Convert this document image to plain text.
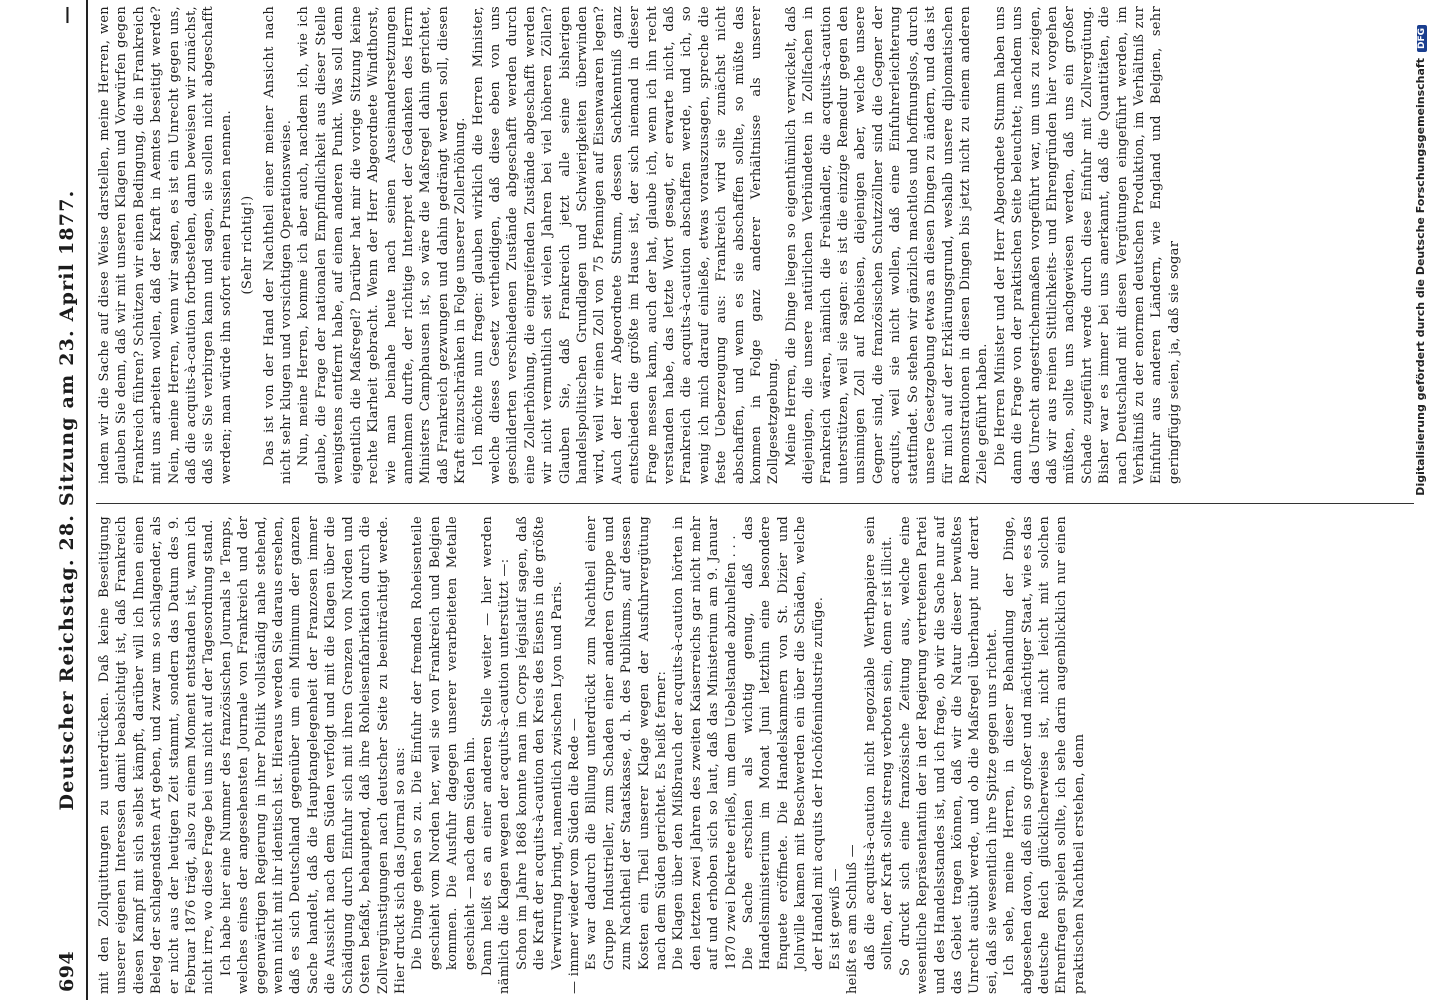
694
Deutscher Reichstag. 28. Sitzung am 23. April 1877.
—

mit den Zollquittungen zu unterdrücken. Daß keine Beseitigung unserer eigenen Interessen damit beabsichtigt ist, daß Frankreich diesen Kampf mit sich selbst kämpft, darüber will ich Ihnen einen Beleg der schlagendsten Art geben, und zwar um so schlagender, als er nicht aus der heutigen Zeit stammt, sondern das Datum des 9. Februar 1876 trägt, also zu einem Moment entstanden ist, wann ich nicht irre, wo diese Frage bei uns nicht auf der Tagesordnung stand. Ich habe hier eine Nummer des französischen Journals le Temps, welches eines der angesehensten Journale von Frankreich und der gegenwärtigen Regierung in ihrer Politik vollständig nahe stehend, wenn nicht mit ihr identisch ist. Hieraus werden Sie daraus ersehen, daß es sich Deutschland gegenüber um ein Minimum der ganzen Sache handelt, daß die Hauptangelegenheit der Franzosen immer die Aussicht nach dem Süden verfolgt und mit die Klagen über die Schädigung durch Einfuhr sich mit ihren Grenzen von Norden und Osten befaßt, behauptend, daß ihre Rohleisenfabrikation durch die Zollvergünstigungen nach deutscher Seite zu beeinträchtigt werde. Hier druckt sich das Journal so aus: Die Dinge gehen so zu. Die Einfuhr der fremden Roheisenteile geschieht vom Norden her, weil sie von Frankreich und Belgien kommen. Die Ausfuhr dagegen unserer verarbeiteten Metalle geschieht — nach dem Süden hin. Dann heißt es an einer anderen Stelle weiter — hier werden nämlich die Klagen wegen der acquits-à-caution unterstützt —: Schon im Jahre 1868 konnte man im Corps législatif sagen, daß die Kraft der acquits-à-caution den Kreis des Eisens in die größte Verwirrung bringt, namentlich zwischen Lyon und Paris. — immer wieder vom Süden die Rede — Es war dadurch die Billung unterdrückt zum Nachtheil einer Gruppe Industrieller, zum Schaden einer anderen Gruppe und zum Nachtheil der Staatskasse, d. h. des Publikums, auf dessen Kosten ein Theil unserer Klage wegen der Ausfuhrvergütung nach dem Süden gerichtet. Es heißt ferner: Die Klagen über den Mißbrauch der acquits-à-caution hörten in den letzten zwei Jahren des zweiten Kaiserreichs gar nicht mehr auf und erhoben sich so laut, daß das Ministerium am 9. Januar 1870 zwei Dekrete erließ, um dem Uebelstande abzuhelfen . . . Die Sache erschien als wichtig genug, daß das Handelsministerium im Monat Juni letzthin eine besondere Enquete eröffnete. Die Handelskammern von St. Dizier und Jolnville kamen mit Beschwerden ein über die Schäden, welche der Handel mit acquits der Hochöfenindustrie zufüge. Es ist gewiß — heißt es am Schluß — daß die acquits-à-caution nicht negoziable Werthpapiere sein sollten, der Kraft sollte streng verboten sein, denn er ist illicit. So druckt sich eine französische Zeitung aus, welche eine wesentliche Repräsentantin der in der Regierung vertretenen Partei und des Handelsstandes ist, und ich frage, ob wir die Sache nur auf das Gebiet tragen können, daß wir die Natur dieser bewußtes Unrecht ausübt werde, und ob die Maßregel überhaupt nur derart sei, daß sie wesentlich ihre Spitze gegen uns richtet. Ich sehe, meine Herren, in dieser Behandlung der Dinge, abgesehen davon, daß ein so großer und mächtiger Staat, wie es das deutsche Reich glücklicherweise ist, nicht leicht mit solchen Ehrenfragen spielen sollte, ich sehe darin augenblicklich nur einen praktischen Nachtheil erstehen, denn

indem wir die Sache auf diese Weise darstellen, meine Herren, wen glauben Sie denn, daß wir mit unseren Klagen und Vorwürfen gegen Frankreich führen? Schützen wir einen Bedingung, die in Frankreich mit uns arbeiten wollen, daß der Kraft in Aemtes beseitigt werde? Nein, meine Herren, wenn wir sagen, es ist ein Unrecht gegen uns, daß die acquits-à-caution fortbestehen, dann beweisen wir zunächst, daß sie Sie verbirgen kann und sagen, sie sollen nicht abgeschafft werden; man würde ihn sofort einen Prussien nennen. (Sehr richtig!) Das ist von der Hand der Nachtheil einer meiner Ansicht nach nicht sehr klugen und vorsichtigen Operationsweise. Nun, meine Herren, komme ich aber auch, nachdem ich, wie ich glaube, die Frage der nationalen Empfindlichkeit aus dieser Stelle wenigstens entfernt habe, auf einen anderen Punkt. Was soll denn eigentlich die Maßregel? Darüber hat mir die vorige Sitzung keine rechte Klarheit gebracht. Wenn der Herr Abgeordnete Windthorst, wie man beinahe heute nach seinen Auseinandersetzungen annehmen durfte, der richtige Interpret der Gedanken des Herrn Ministers Camphausen ist, so wäre die Maßregel dahin gerichtet, daß Frankreich gezwungen und dahin gedrängt werden soll, diesen Kraft einzuschränken in Folge unserer Zollerhöhung. Ich möchte nun fragen: glauben wirklich die Herren Minister, welche dieses Gesetz vertheidigen, daß diese eben von uns geschilderten verschiedenen Zustände abgeschafft werden durch eine Zollerhöhung, die eingreifenden Zustände abgeschafft werden wir nicht vermuthlich seit vielen Jahren bei viel höheren Zöllen? Glauben Sie, daß Frankreich jetzt alle seine bisherigen handelspolitischen Grundlagen und Schwierigkeiten überwinden wird, weil wir einen Zoll von 75 Pfennigen auf Eisenwaaren legen? Auch der Herr Abgeordnete Stumm, dessen Sachkenntniß ganz entschieden die größte im Hause ist, der sich niemand in dieser Frage messen kann, auch der hat, glaube ich, wenn ich ihn recht verstanden habe, das letzte Wort gesagt, er erwarte nicht, daß Frankreich die acquits-à-caution abschaffen werde, und ich, so wenig ich mich darauf einließe, etwas vorauszusagen, spreche die feste Ueberzeugung aus: Frankreich wird sie zunächst nicht abschaffen, und wenn es sie abschaffen sollte, so müßte das kommen in Folge ganz anderer Verhältnisse als unserer Zollgesetzgebung. Meine Herren, die Dinge liegen so eigenthümlich verwickelt, daß diejenigen, die unsere natürlichen Verbündeten in Zollfachen in Frankreich wären, nämlich die Freihändler, die acquits-à-caution unterstützen, weil sie sagen: es ist die einzige Remedur gegen den unsinnigen Zoll auf Roheisen, diejenigen aber, welche unsere Gegner sind, die französischen Schutzzöllner sind die Gegner der acquits, weil sie nicht wollen, daß eine Einfuhrerleichterung stattfindet. So stehen wir gänzlich machtlos und hoffnungslos, durch unsere Gesetzgebung etwas an diesen Dingen zu ändern, und das ist für mich auf der Erklärungsgrund, weshalb unsere diplomatischen Remonstrationen in diesen Dingen bis jetzt nicht zu einem anderen Ziele geführt haben. Die Herren Minister und der Herr Abgeordnete Stumm haben uns dann die Frage von der praktischen Seite beleuchtet; nachdem uns das Unrecht angestrichenmaßen vorgeführt war, um uns zu zeigen, daß wir aus reinen Sittlichkeits- und Ehrengründen hier vorgehen müßten, sollte uns nachgewiesen werden, daß uns ein großer Schade zugeführt werde durch diese Einfuhr mit Zollvergütung. Bisher war es immer bei uns anerkannt, daß die Quantitäten, die nach Deutschland mit diesen Vergütungen eingeführt werden, im Verhältniß zu der enormen deutschen Produktion, im Verhältniß zur Einfuhr aus anderen Ländern, wie England und Belgien, sehr geringfügig seien, ja, daß sie sogar	Digitalisierung gefördert durch die Deutsche ForschungsgemeinschaftDFG
